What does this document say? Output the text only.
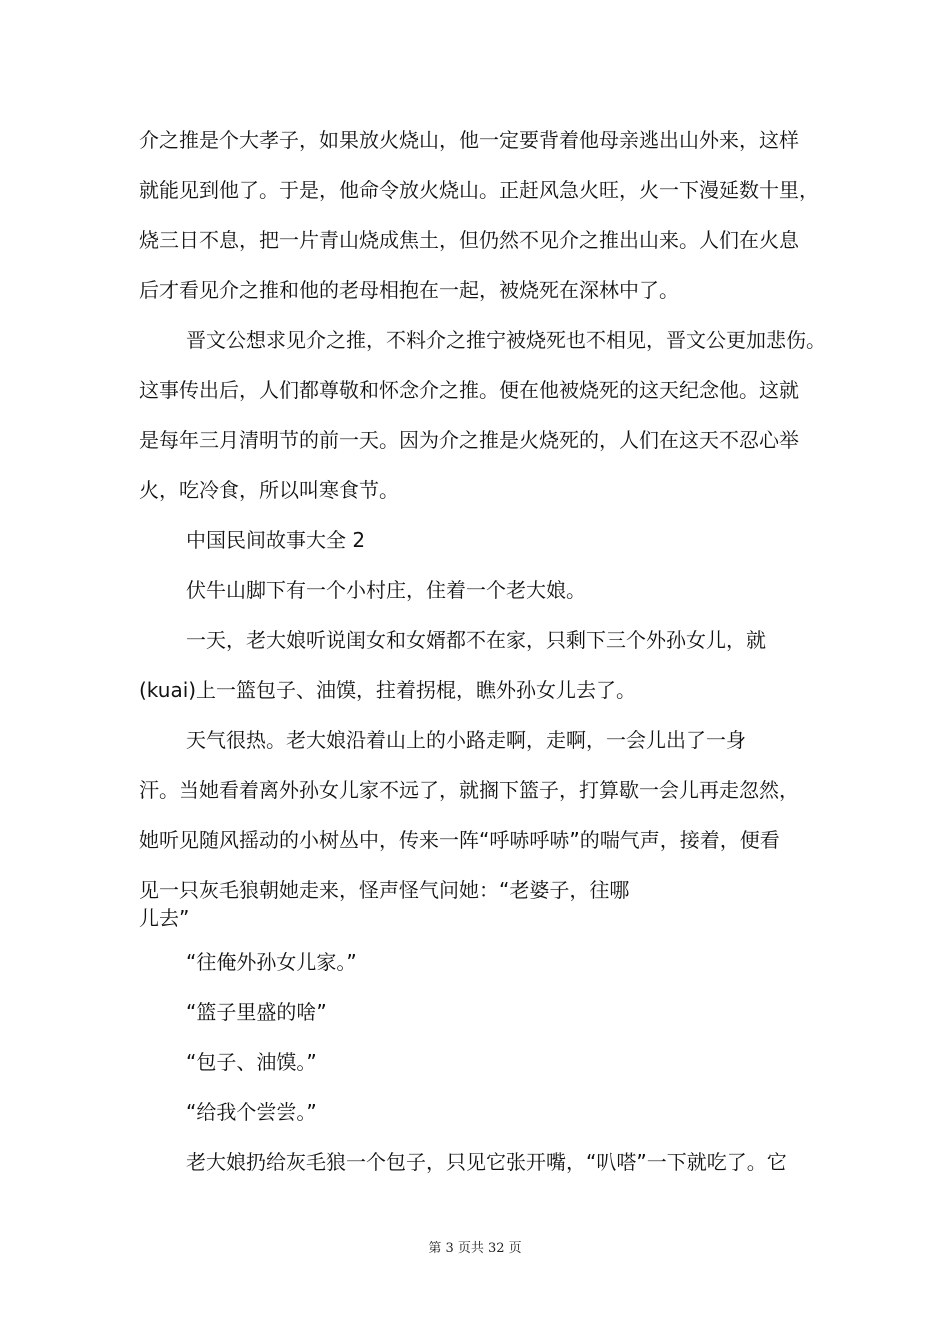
介之推是个大孝子，如果放火烧山，他一定要背着他母亲逃出山外来，这样
就能见到他了。于是，他命令放火烧山。正赶风急火旺，火一下漫延数十里，
烧三日不息，把一片青山烧成焦土，但仍然不见介之推出山来。人们在火息
后才看见介之推和他的老母相抱在一起，被烧死在深林中了。
晋文公想求见介之推，不料介之推宁被烧死也不相见，晋文公更加悲伤。
这事传出后，人们都尊敬和怀念介之推。便在他被烧死的这天纪念他。这就
是每年三月清明节的前一天。因为介之推是火烧死的，人们在这天不忍心举
火，吃冷食，所以叫寒食节。
中国民间故事大全 2
伏牛山脚下有一个小村庄，住着一个老大娘。
一天，老大娘听说闺女和女婿都不在家，只剩下三个外孙女儿，就
(kuai)上一篮包子、油馍，拄着拐棍，瞧外孙女儿去了。
天气很热。老大娘沿着山上的小路走啊，走啊，一会儿出了一身
汗。当她看着离外孙女儿家不远了，就搁下篮子，打算歇一会儿再走忽然，
她听见随风摇动的小树丛中，传来一阵“呼哧呼哧”的喘气声，接着，便看
见一只灰毛狼朝她走来，怪声怪气问她：“老婆子，往哪
儿去”
“往俺外孙女儿家。”
“篮子里盛的啥”
“包子、油馍。”
“给我个尝尝。”
老大娘扔给灰毛狼一个包子，只见它张开嘴，“叭嗒”一下就吃了。它
第 3 页共 32 页
